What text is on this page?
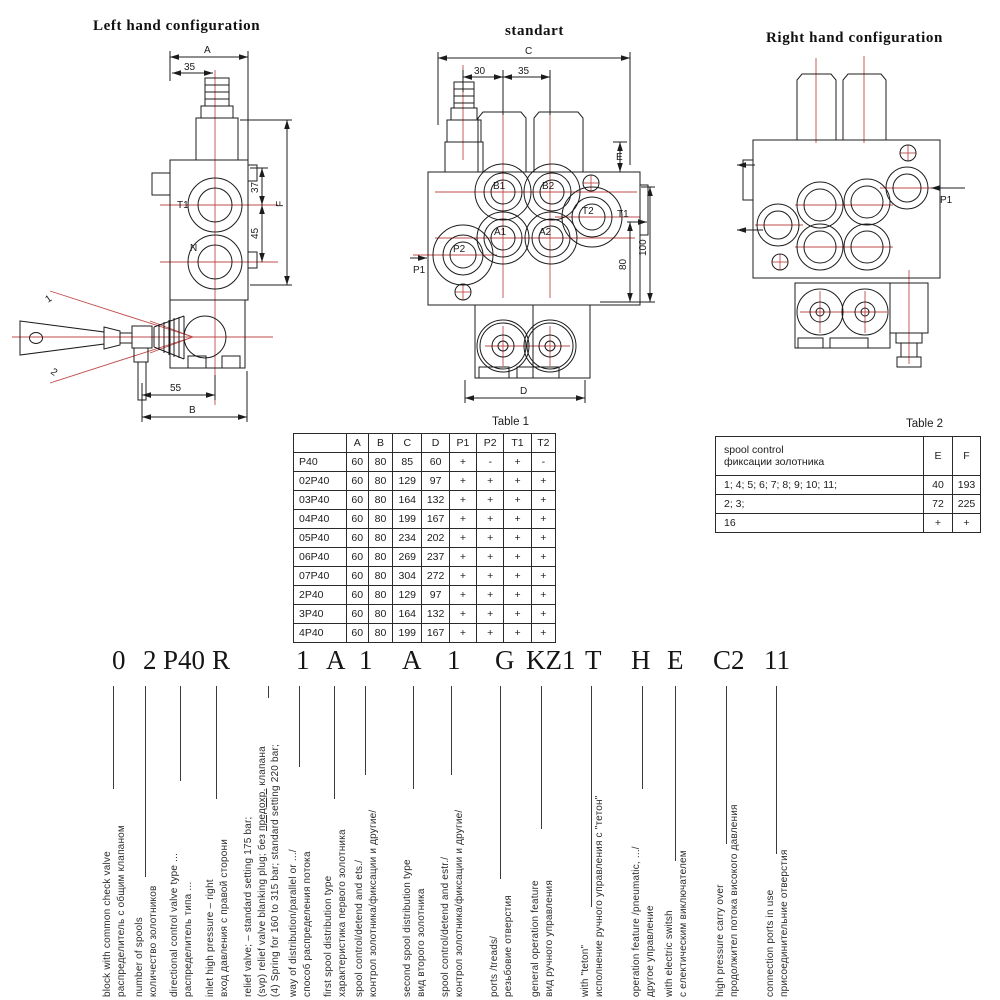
Left hand configuration	standart	Right hand configuration
A
35
37
45
F
55
B
T1
N
1
2
C
30	35
E
80
100
D
B1	B2
A1	A2
P2
T2 T1
P1
P1
Table 1
	A	B	C	D	P1	P2	T1	T2
P40	60	80	85	60	+	-	+	-
02P40	60	80	129	97	+	+	+	+
03P40	60	80	164	132	+	+	+	+
04P40	60	80	199	167	+	+	+	+
05P40	60	80	234	202	+	+	+	+
06P40	60	80	269	237	+	+	+	+
07P40	60	80	304	272	+	+	+	+
2P40	60	80	129	97	+	+	+	+
3P40	60	80	164	132	+	+	+	+
4P40	60	80	199	167	+	+	+	+
Table 2
spool control
фиксации золотника	E	F
1; 4; 5; 6; 7; 8; 9; 10; 11;	40	193
2; 3;	72	225
16	+	+
0 2 P40 R 1 A 1 A 1 G KZ1 T H E C2 11
block with common check valve распределитель с общим клапаном number of spools количество золотников directional control valve type ... распределитель типа ... inlet high pressure – right вход давления с правой сторони relief valve; – standard setting 175 bar; (svp) relief valve blanking plug; без предохр. клапана (4) Spring for 160 to 315 bar; standard setting 220 bar; way of distribution/parallel or .../ способ распределения потока first spool distribution type характеристика первого золотника spool control/detend and ets./ контрол золотника/фиксации и другие/ second spool distribution type вид второго золотника spool control/detend and estr./ контрол золотника/фиксации и другие/ ports /treads/ резьбовие отверстия general operation feature вид ручного управления	with "teton" исполнение ручного управления с "тетон"	operation feature /pneumatic, .../ другое управление with electric switsh с електическим виключателем	high pressure carry over продолжител потока високого давления	connection ports in use присоединительние отверстия
